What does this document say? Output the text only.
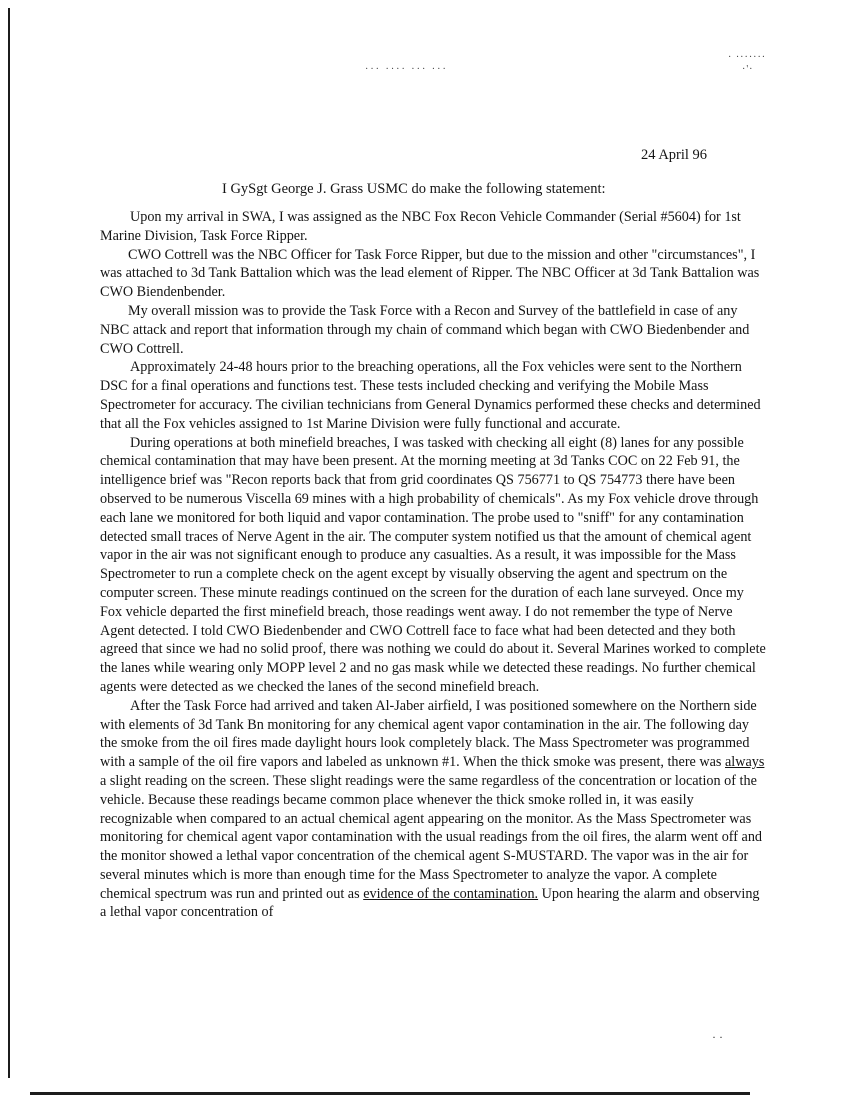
··· ···· ··· ···
· ·······
·'·
24 April 96
I GySgt George J. Grass USMC do make the following statement:

Upon my arrival in SWA, I was assigned as the NBC Fox Recon Vehicle Commander (Serial #5604) for 1st Marine Division, Task Force Ripper.

CWO Cottrell was the NBC Officer for Task Force Ripper, but due to the mission and other "circumstances", I was attached to 3d Tank Battalion which was the lead element of Ripper. The NBC Officer at 3d Tank Battalion was CWO Biendenbender.

My overall mission was to provide the Task Force with a Recon and Survey of the battlefield in case of any NBC attack and report that information through my chain of command which began with CWO Biedenbender and CWO Cottrell.

Approximately 24-48 hours prior to the breaching operations, all the Fox vehicles were sent to the Northern DSC for a final operations and functions test. These tests included checking and verifying the Mobile Mass Spectrometer for accuracy. The civilian technicians from General Dynamics performed these checks and determined that all the Fox vehicles assigned to 1st Marine Division were fully functional and accurate.

During operations at both minefield breaches, I was tasked with checking all eight (8) lanes for any possible chemical contamination that may have been present. At the morning meeting at 3d Tanks COC on 22 Feb 91, the intelligence brief was "Recon reports back that from grid coordinates QS 756771 to QS 754773 there have been observed to be numerous Viscella 69 mines with a high probability of chemicals". As my Fox vehicle drove through each lane we monitored for both liquid and vapor contamination. The probe used to "sniff" for any contamination detected small traces of Nerve Agent in the air. The computer system notified us that the amount of chemical agent vapor in the air was not significant enough to produce any casualties. As a result, it was impossible for the Mass Spectrometer to run a complete check on the agent except by visually observing the agent and spectrum on the computer screen. These minute readings continued on the screen for the duration of each lane surveyed. Once my Fox vehicle departed the first minefield breach, those readings went away. I do not remember the type of Nerve Agent detected. I told CWO Biedenbender and CWO Cottrell face to face what had been detected and they both agreed that since we had no solid proof, there was nothing we could do about it. Several Marines worked to complete the lanes while wearing only MOPP level 2 and no gas mask while we detected these readings. No further chemical agents were detected as we checked the lanes of the second minefield breach.

After the Task Force had arrived and taken Al-Jaber airfield, I was positioned somewhere on the Northern side with elements of 3d Tank Bn monitoring for any chemical agent vapor contamination in the air. The following day the smoke from the oil fires made daylight hours look completely black. The Mass Spectrometer was programmed with a sample of the oil fire vapors and labeled as unknown #1. When the thick smoke was present, there was always a slight reading on the screen. These slight readings were the same regardless of the concentration or location of the vehicle. Because these readings became common place whenever the thick smoke rolled in, it was easily recognizable when compared to an actual chemical agent appearing on the monitor. As the Mass Spectrometer was monitoring for chemical agent vapor contamination with the usual readings from the oil fires, the alarm went off and the monitor showed a lethal vapor concentration of the chemical agent S-MUSTARD. The vapor was in the air for several minutes which is more than enough time for the Mass Spectrometer to analyze the vapor. A complete chemical spectrum was run and printed out as evidence of the contamination. Upon hearing the alarm and observing a lethal vapor concentration of

· ·
